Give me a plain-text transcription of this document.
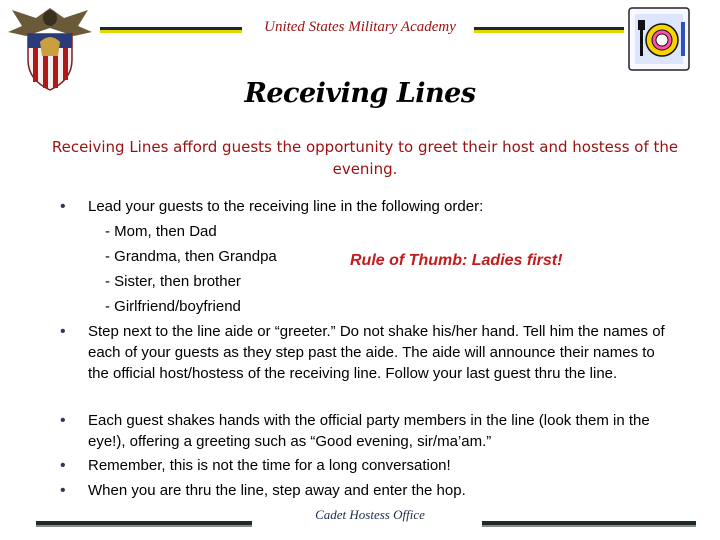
United States Military Academy
Receiving Lines
Receiving Lines afford guests the opportunity to greet their host and hostess of the evening.
• Lead your guests to the receiving line in the following order:
- Mom, then Dad
- Grandma, then Grandpa
- Sister, then brother
- Girlfriend/boyfriend
• Step next to the line aide or “greeter.” Do not shake his/her hand. Tell him the names of each of your guests as they step past the aide. The aide will announce their names to the official host/hostess of the receiving line. Follow your last guest thru the line.
• Each guest shakes hands with the official party members in the line (look them in the eye!), offering a greeting such as “Good evening, sir/ma’am.”
• Remember, this is not the time for a long conversation!
• When you are thru the line, step away and enter the hop.
Rule of Thumb: Ladies first!
Cadet Hostess Office
